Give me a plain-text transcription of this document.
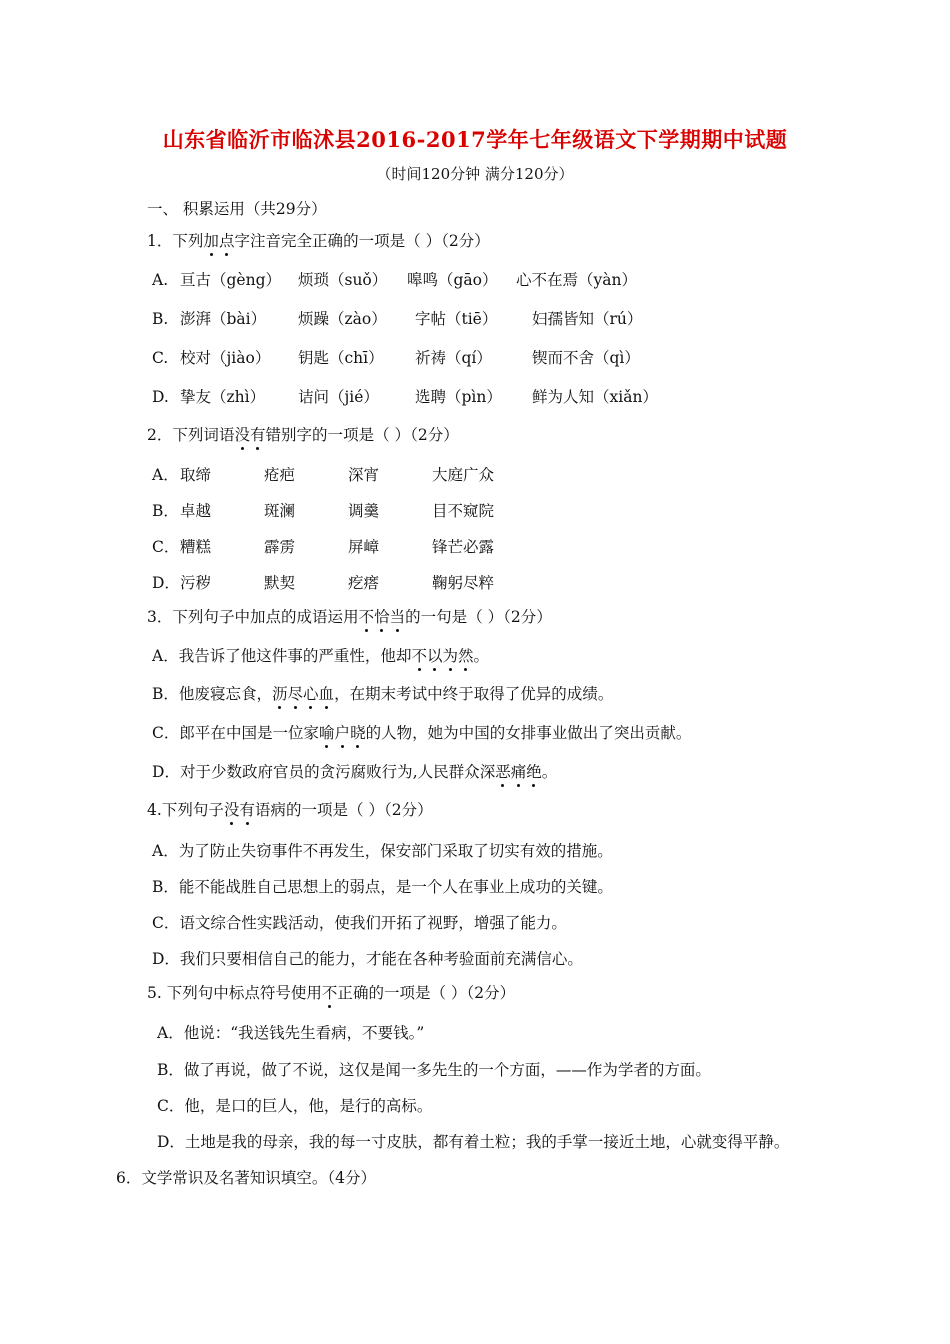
山东省临沂市临沭县2016-2017学年七年级语文下学期期中试题
（时间120分钟 满分120分）
一、 积累运用（共29分）
1．下列加点字注音完全正确的一项是（ ）（2分）
A. 亘古（gèng） 烦琐（suǒ） 嗥鸣（gāo） 心不在焉（yàn）
B. 澎湃（bài） 烦躁（zào） 字帖（tiē） 妇孺皆知（rú）
C. 校对（jiào） 钥匙（chī） 祈祷（qí）	锲而不舍（qì）
D. 挚友（zhì） 诘问（jié） 选聘（pìn） 鲜为人知（xiǎn）
2．下列词语没有错别字的一项是（ ）（2分）
A． 取缔	疮疤	深宵	大庭广众
B． 卓越	斑澜	调羹	目不窥院
C． 糟糕	霹雳	屏嶂	锋芒必露
D． 污秽	默契	疙瘩	鞠躬尽粹
3．下列句子中加点的成语运用不恰当的一句是（ ）（2分）
A．我告诉了他这件事的严重性，他却不以为然。
B．他废寝忘食，沥尽心血，在期末考试中终于取得了优异的成绩。
C．郎平在中国是一位家喻户晓的人物，她为中国的女排事业做出了突出贡献。
D．对于少数政府官员的贪污腐败行为,人民群众深恶痛绝。
4.下列句子没有语病的一项是（ ）（2分）
A．为了防止失窃事件不再发生，保安部门采取了切实有效的措施。
B．能不能战胜自己思想上的弱点，是一个人在事业上成功的关键。
C．语文综合性实践活动，使我们开拓了视野，增强了能力。
D．我们只要相信自己的能力，才能在各种考验面前充满信心。
5. 下列句中标点符号使用不正确的一项是（ ）（2分）
A．他说：“我送钱先生看病，不要钱。”
B．做了再说，做了不说，这仅是闻一多先生的一个方面，——作为学者的方面。
C．他，是口的巨人，他，是行的高标。
D．土地是我的母亲，我的每一寸皮肤，都有着土粒；我的手掌一接近土地，心就变得平静。
6．文学常识及名著知识填空。（4分）
